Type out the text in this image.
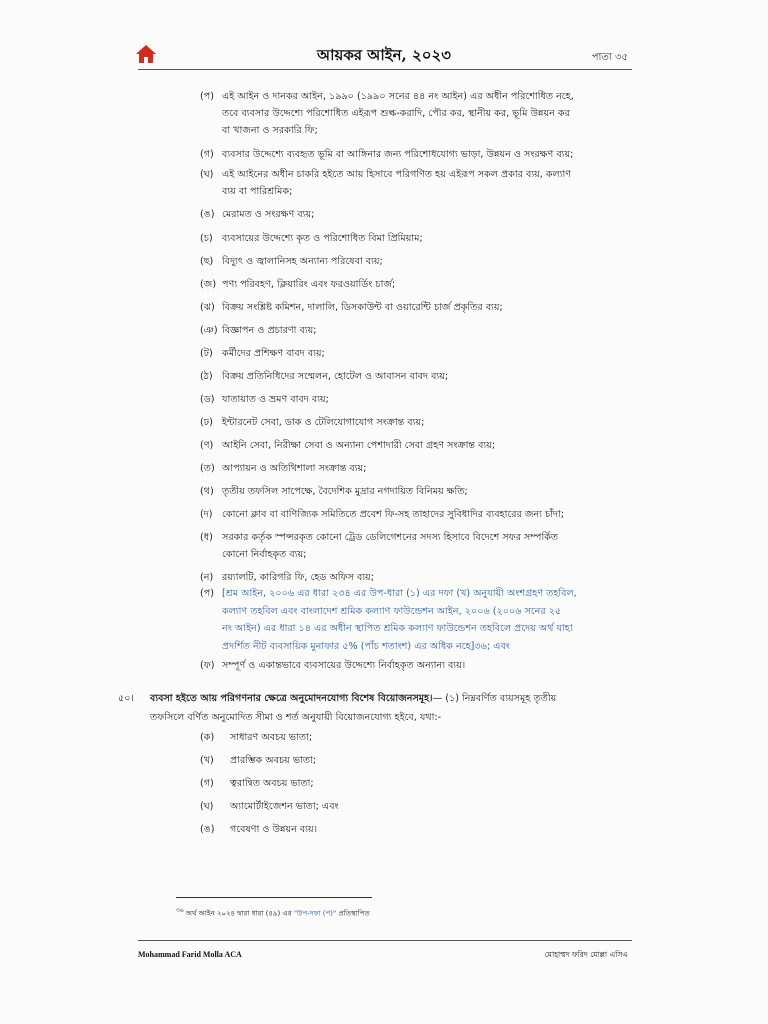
আয়কর আইন, ২০২৩	পাতা ৩৫
(প) এই আইন ও দানকর আইন, ১৯৯০ (১৯৯০ সনের ৪৪ নং আইন) এর অধীন পরিশোধিত নহে,
তবে ব্যবসার উদ্দেশ্যে পরিশোধিত এইরূপ শুল্ক-করাদি, পৌর কর, স্থানীয় কর, ভূমি উন্নয়ন কর
বা খাজনা ও সরকারি ফি;
(গ) ব্যবসার উদ্দেশ্যে ব্যবহৃত ভূমি বা আঙ্গিনার জন্য পরিশোধযোগ্য ভাড়া, উন্নয়ন ও সংরক্ষণ ব্যয়;
(ঘ) এই আইনের অধীন চাকরি হইতে আয় হিসাবে পরিগণিত হয় এইরূপ সকল প্রকার ব্যয়, কল্যাণ
ব্যয় বা পারিশ্রমিক;
(ঙ) মেরামত ও সংরক্ষণ ব্যয়;
(চ) ব্যবসায়ের উদ্দেশ্যে কৃত ও পরিশোধিত বিমা প্রিমিয়াম;
(ছ) বিদ্যুৎ ও জ্বালানিসহ অন্যান্য পরিষেবা ব্যয়;
(জ) পণ্য পরিবহণ, ক্লিয়ারিং এবং ফরওয়ার্ডিং চার্জ;
(ঝ) বিক্রয় সংশ্লিষ্ট কমিশন, দালালি, ডিসকাউন্ট বা ওয়ারেন্টি চার্জ প্রকৃতির ব্যয়;
(ঞ) বিজ্ঞাপন ও প্রচারণা ব্যয়;
(ট) কর্মীদের প্রশিক্ষণ বাবদ ব্যয়;
(ঠ) বিক্রয় প্রতিনিধিদের সম্মেলন, হোটেল ও আবাসন বাবদ ব্যয়;
(ড) যাতায়াত ও ভ্রমণ বাবদ ব্যয়;
(ঢ) ইন্টারনেট সেবা, ডাক ও টেলিযোগাযোগ সংক্রান্ত ব্যয়;
(ণ) আইনি সেবা, নিরীক্ষা সেবা ও অন্যান্য পেশাদারী সেবা গ্রহণ সংক্রান্ত ব্যয়;
(ত) আপ্যায়ন ও অতিথিশালা সংক্রান্ত ব্যয়;
(থ) তৃতীয় তফসিল সাপেক্ষে, বৈদেশিক মুদ্রার নগদায়িত বিনিময় ক্ষতি;
(দ) কোনো ক্লাব বা বাণিজ্যিক সমিতিতে প্রবেশ ফি-সহ তাহাদের সুবিধাদির ব্যবহারের জন্য চাঁদা;
(ধ) সরকার কর্তৃক স্পন্সরকৃত কোনো ট্রেড ডেলিগেশনের সদস্য হিসাবে বিদেশে সফর সম্পর্কিত
কোনো নির্বাহকৃত ব্যয়;
(ন) রয়্যালটি, কারিগরি ফি, হেড অফিস ব্যয়;
(প) [শ্রম আইন, ২০০৬ এর ধারা ২৩৪ এর উপ-ধারা (১) এর দফা (খ) অনুযায়ী অংশগ্রহণ তহবিল,
কল্যাণ তহবিল এবং বাংলাদেশ শ্রমিক কল্যাণ ফাউন্ডেশন আইন, ২০০৬ (২০০৬ সনের ২৫
নং আইন) এর ধারা ১৪ এর অধীন স্থাপিত শ্রমিক কল্যাণ ফাউন্ডেশন তহবিলে প্রদেয় অর্থ যাহা
প্রদর্শিত নীট ব্যবসায়িক মুনাফার ৫% (পাঁচ শতাংশ) এর অধিক নহে]৩৬; এবং
(ফ) সম্পূর্ণ ও একান্তভাবে ব্যবসায়ের উদ্দেশ্যে নির্বাহকৃত অন্যান্য ব্যয়।
৫০। ব্যবসা হইতে আয় পরিগণনার ক্ষেত্রে অনুমোদনযোগ্য বিশেষ বিয়োজনসমূহ।— (১) নিম্নবর্ণিত ব্যয়সমূহ তৃতীয়
তফসিলে বর্ণিত অনুমোদিত সীমা ও শর্ত অনুযায়ী বিয়োজনযোগ্য হইবে, যথা:-
(ক)	সাধারণ অবচয় ভাতা;
(খ)	প্রারম্ভিক অবচয় ভাতা;
(গ)	ত্বরান্বিত অবচয় ভাতা;
(ঘ)	অ্যামোর্টাইজেশন ভাতা; এবং
(ঙ)	গবেষণা ও উন্নয়ন ব্যয়।
$^{৩৬}$ অর্থ আইন ২০২৪ দ্বারা ধারা (৪৯) এর "উপ-দফা (প)" প্রতিস্থাপিত
Mohammad Farid Molla ACA	মোহাম্মদ ফরিদ মোল্লা এসিএ
